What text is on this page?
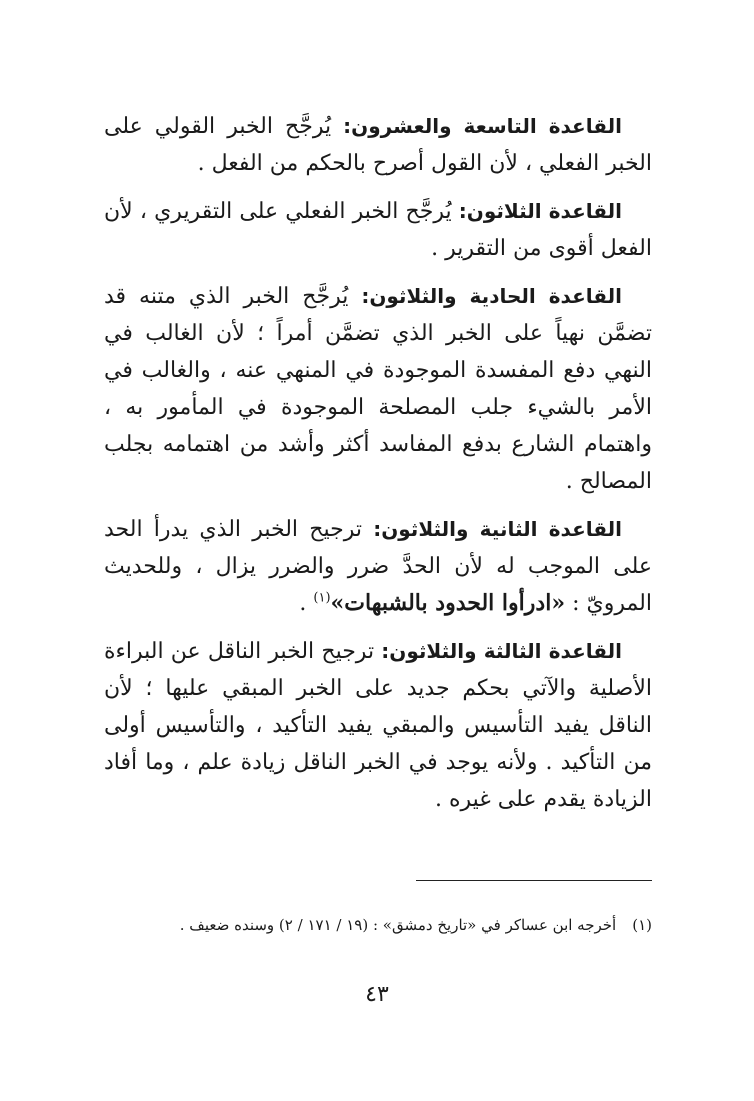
القاعدة التاسعة والعشرون: يُرجَّح الخبر القولي على الخبر الفعلي ، لأن القول أصرح بالحكم من الفعل .

القاعدة الثلاثون: يُرجَّح الخبر الفعلي على التقريري ، لأن الفعل أقوى من التقرير .

القاعدة الحادية والثلاثون: يُرجَّح الخبر الذي متنه قد تضمَّن نهياً على الخبر الذي تضمَّن أمراً ؛ لأن الغالب في النهي دفع المفسدة الموجودة في المنهي عنه ، والغالب في الأمر بالشيء جلب المصلحة الموجودة في المأمور به ، واهتمام الشارع بدفع المفاسد أكثر وأشد من اهتمامه بجلب المصالح .

القاعدة الثانية والثلاثون: ترجيح الخبر الذي يدرأ الحد على الموجب له لأن الحدَّ ضرر والضرر يزال ، وللحديث المرويّ : «ادرأوا الحدود بالشبهات»$^{(١)}$ .

القاعدة الثالثة والثلاثون: ترجيح الخبر الناقل عن البراءة الأصلية والآتي بحكم جديد على الخبر المبقي عليها ؛ لأن الناقل يفيد التأسيس والمبقي يفيد التأكيد ، والتأسيس أولى من التأكيد . ولأنه يوجد في الخبر الناقل زيادة علم ، وما أفاد الزيادة يقدم على غيره .

(١)أخرجه ابن عساكر في «تاريخ دمشق» : (١٩ / ١٧١ / ٢) وسنده ضعيف .
٤٣
